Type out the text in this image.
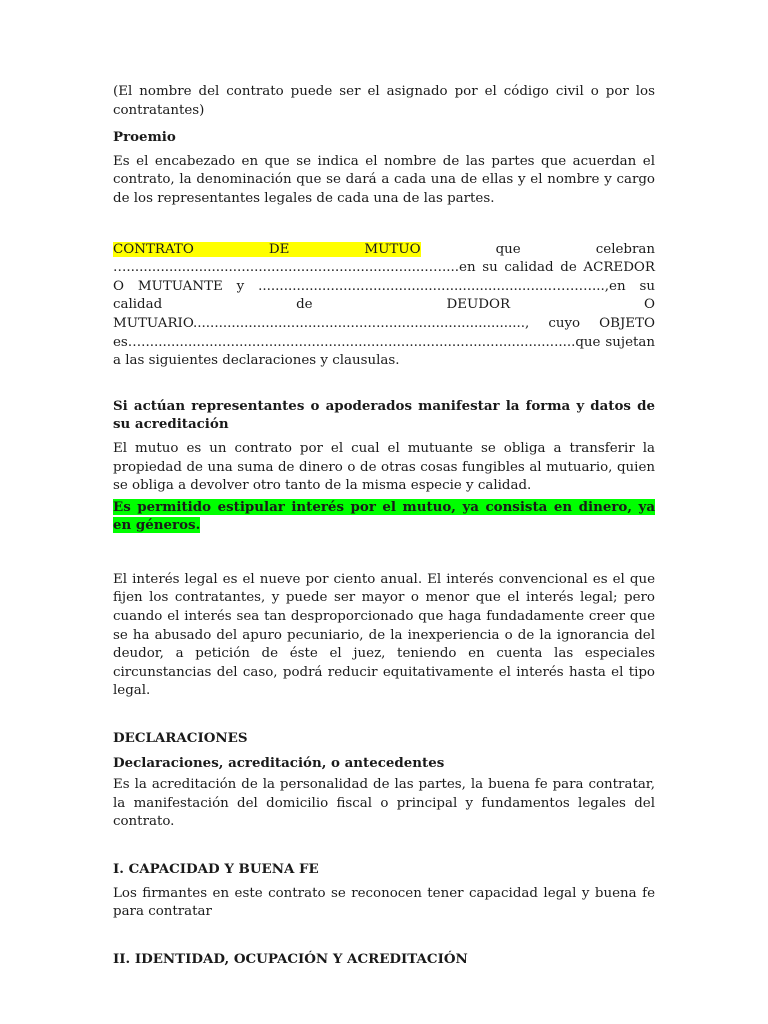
(El nombre del contrato puede ser el asignado por el código civil o por los contratantes)

Proemio

Es el encabezado en que se indica el nombre de las partes que acuerdan el contrato, la denominación que se dará a cada una de ellas y el nombre y cargo de los representantes legales de cada una de las partes.

CONTRATO DE MUTUO que celebran ….......................................................................…....en su calidad de ACREDOR O MUTUANTE y ....................................................................…….…...,en su calidad de DEUDOR O MUTUARIO.............................................................................., cuyo OBJETO es…......................................................................................................que sujetan a las siguientes declaraciones y clausulas.

Si actúan representantes o apoderados manifestar la forma y datos de su acreditación

El mutuo es un contrato por el cual el mutuante se obliga a transferir la propiedad de una suma de dinero o de otras cosas fungibles al mutuario, quien se obliga a devolver otro tanto de la misma especie y calidad.

Es permitido estipular interés por el mutuo, ya consista en dinero, ya en géneros.

El interés legal es el nueve por ciento anual. El interés convencional es el que fijen los contratantes, y puede ser mayor o menor que el interés legal; pero cuando el interés sea tan desproporcionado que haga fundadamente creer que se ha abusado del apuro pecuniario, de la inexperiencia o de la ignorancia del deudor, a petición de éste el juez, teniendo en cuenta las especiales circunstancias del caso, podrá reducir equitativamente el interés hasta el tipo legal.

DECLARACIONES

Declaraciones, acreditación, o antecedentes

Es la acreditación de la personalidad de las partes, la buena fe para contratar, la manifestación del domicilio fiscal o principal y fundamentos legales del contrato.

I. CAPACIDAD Y BUENA FE

Los firmantes en este contrato se reconocen tener capacidad legal y buena fe para contratar

II. IDENTIDAD, OCUPACIÓN Y ACREDITACIÓN
